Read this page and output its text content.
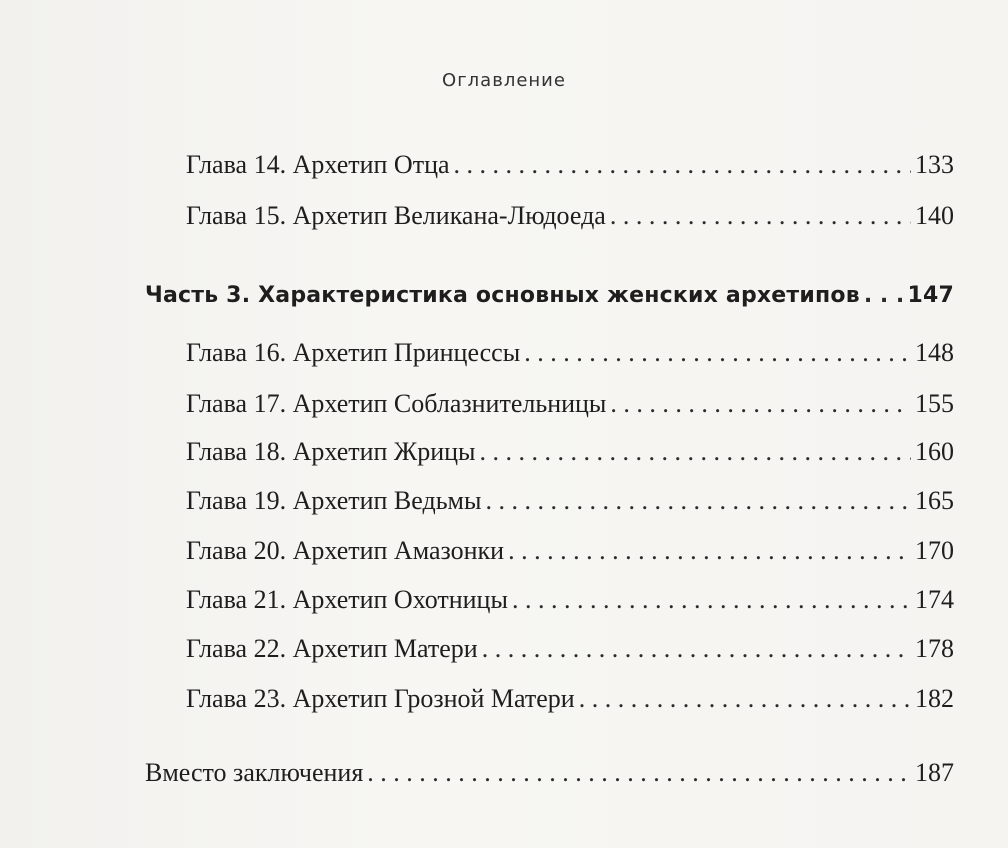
Оглавление
Глава 14. Архетип Отца . . .	133
Глава 15. Архетип Великана-Людоеда . . .	140
Часть 3. Характеристика основных женских архетипов . . . 147
Глава 16. Архетип Принцессы . . .	148
Глава 17. Архетип Соблазнительницы . . .	155
Глава 18. Архетип Жрицы . . .	160
Глава 19. Архетип Ведьмы . . .	165
Глава 20. Архетип Амазонки . . .	170
Глава 21. Архетип Охотницы . . .	174
Глава 22. Архетип Матери . . .	178
Глава 23. Архетип Грозной Матери . . .	182
Вместо заключения . . .	187
